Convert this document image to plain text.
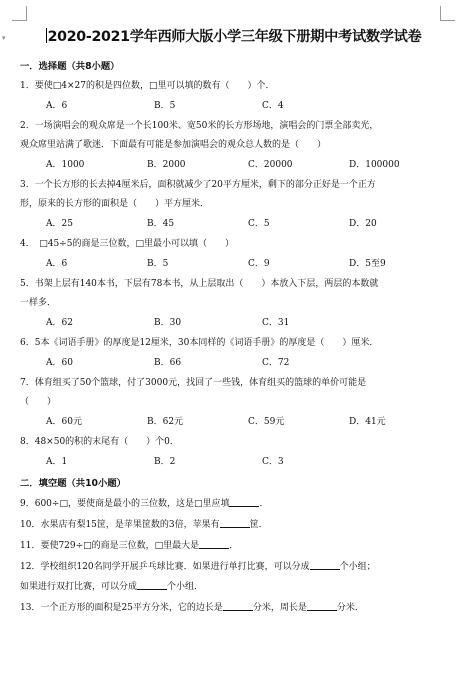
▾	2020-2021学年西师大版小学三年级下册期中考试数学试卷
一．选择题（共8小题）
1．要使□4×27的积是四位数，□里可以填的数有（　　）个．
A．6	B．5	C．4
2．一场演唱会的观众席是一个长100米、宽50米的长方形场地，演唱会的门票全部卖光，
观众席里站满了歌迷．下面最有可能是参加演唱会的观众总人数的是（　　）
A．1000	B．2000	C．20000	D．100000
3．一个长方形的长去掉4厘米后，面积就减少了20平方厘米，剩下的部分正好是一个正方
形，原来的长方形的面积是（　　）平方厘米．
A．25	B．45	C．5	D．20
4．　□45÷5的商是三位数，□里最小可以填（　　）
A．6	B．5	C．9	D．5至9
5．书架上层有140本书，下层有78本书，从上层取出（　　）本放入下层，两层的本数就
一样多．
A．62	B．30	C．31
6．5本《词语手册》的厚度是12厘米，30本同样的《词语手册》的厚度是（　　）厘米．
A．60	B．66	C．72
7．体育组买了50个篮球，付了3000元，找回了一些钱，体育组买的篮球的单价可能是
（　　）
A．60元	B．62元	C．59元	D．41元
8．48×50的积的末尾有（　　）个0．
A．1	B．2	C．3
二．填空题（共10小题）
9．600÷□，要使商是最小的三位数，这是□里应填	．
10．水果店有梨15筐，是苹果筐数的3倍，苹果有	筐．
11．要使729÷□的商是三位数，□里最大是	．
12．学校组织120名同学开展乒乓球比赛．如果进行单打比赛，可以分成	个小组；
如果进行双打比赛，可以分成	个小组．
13．一个正方形的面积是25平方分米，它的边长是	分米，周长是	分米．
